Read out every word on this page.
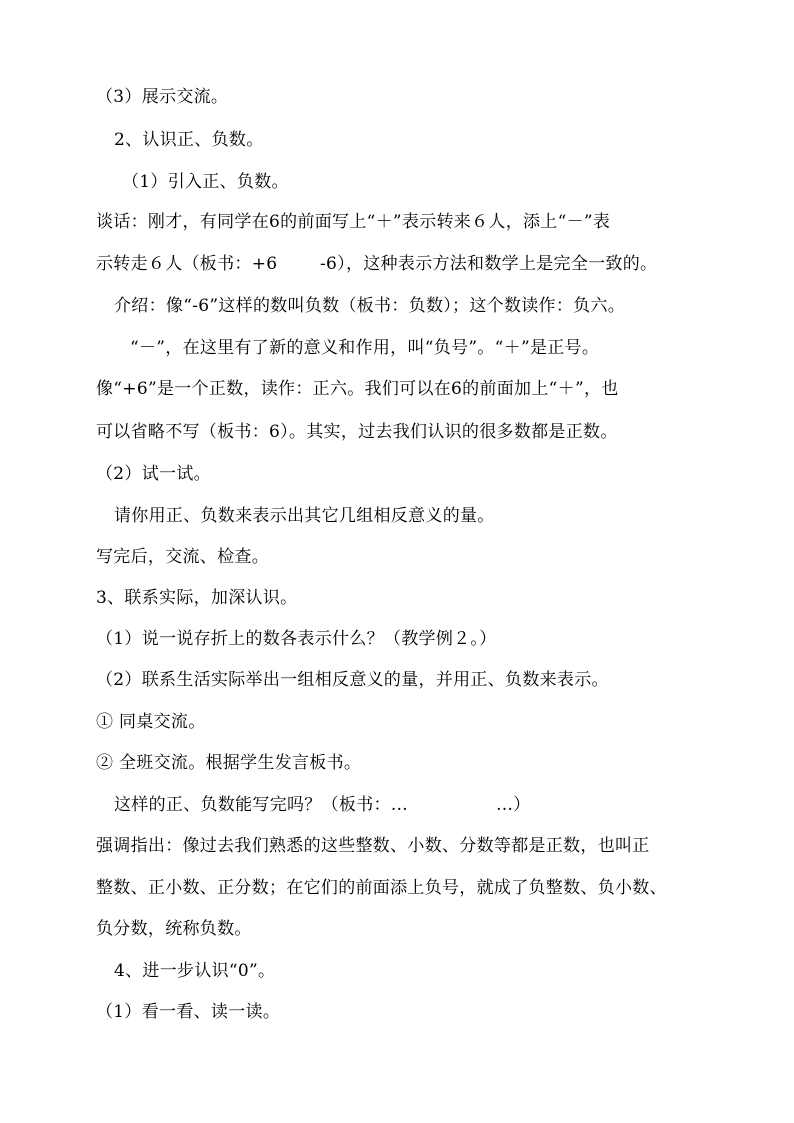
（3）展示交流。
2、认识正、负数。
（1）引入正、负数。
谈话：刚才，有同学在6的前面写上“＋”表示转来６人，添上“－”表
示转走６人（板书：+6	-6），这种表示方法和数学上是完全一致的。
介绍：像“-6”这样的数叫负数（板书：负数）；这个数读作：负六。
“－”，在这里有了新的意义和作用，叫“负号”。“＋”是正号。
像“+6”是一个正数，读作：正六。我们可以在6的前面加上“＋”，也
可以省略不写（板书：6）。其实，过去我们认识的很多数都是正数。
（2）试一试。
请你用正、负数来表示出其它几组相反意义的量。
写完后，交流、检查。
3、联系实际，加深认识。
（1）说一说存折上的数各表示什么？（教学例２。）
（2）联系生活实际举出一组相反意义的量，并用正、负数来表示。
① 同桌交流。
② 全班交流。根据学生发言板书。
这样的正、负数能写完吗？（板书：…	…）
强调指出：像过去我们熟悉的这些整数、小数、分数等都是正数，也叫正
整数、正小数、正分数；在它们的前面添上负号，就成了负整数、负小数、
负分数，统称负数。
4、进一步认识“0”。
（1）看一看、读一读。
